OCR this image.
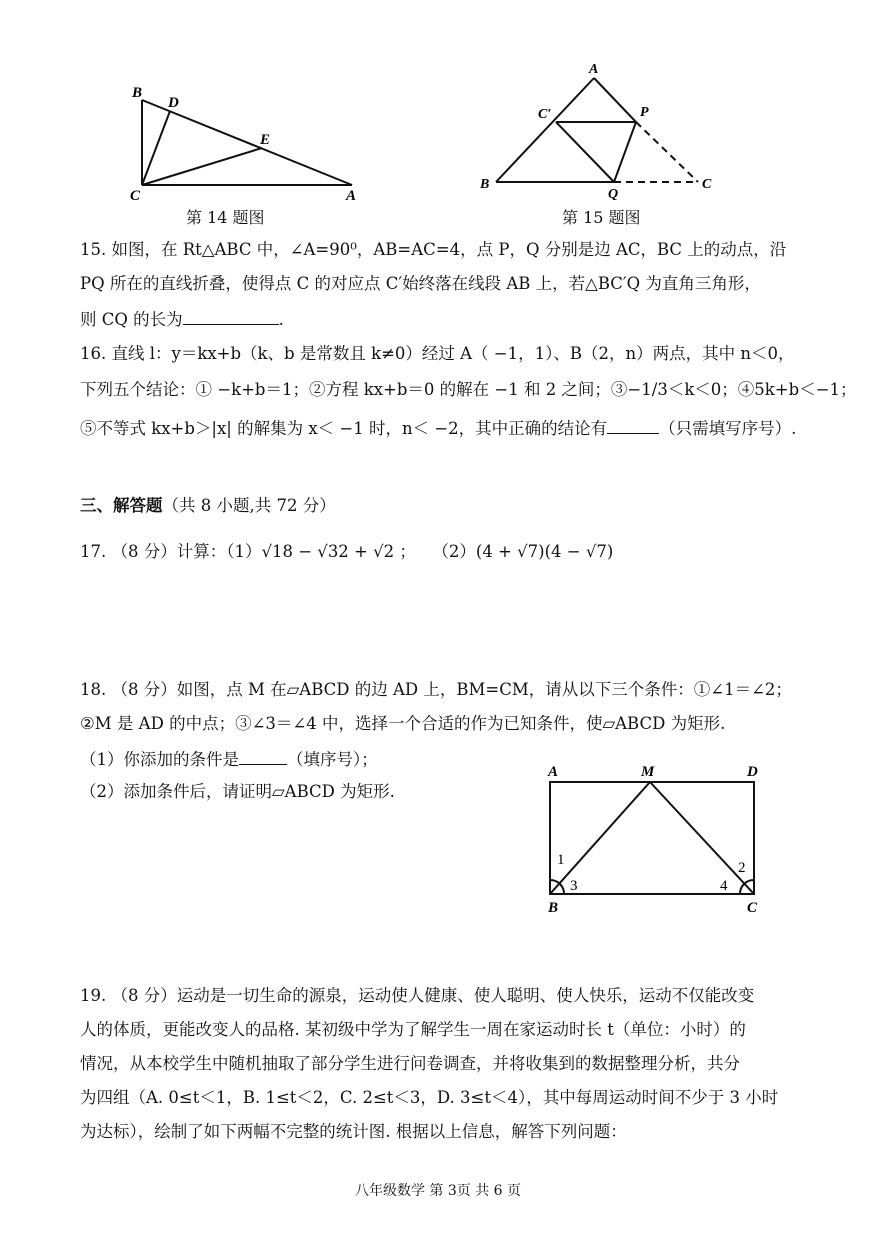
B
D
E
C	A
第 14 题图
A
C′	P
B
Q
C
第 15 题图
15. 如图，在 Rt△ABC 中，∠A=90⁰，AB=AC=4，点 P，Q 分别是边 AC，BC 上的动点，沿
PQ 所在的直线折叠，使得点 C 的对应点 C′始终落在线段 AB 上，若△BC′Q 为直角三角形，
则 CQ 的长为	.
16. 直线 l：y＝kx+b（k、b 是常数且 k≠0）经过 A（ −1，1）、B（2，n）两点，其中 n＜0，
下列五个结论：① −k+b＝1；②方程 kx+b＝0 的解在 −1 和 2 之间；③−1/3＜k＜0；④5k+b＜−1；
⑤不等式 kx+b＞|x| 的解集为 x＜ −1 时，n＜ −2，其中正确的结论有	（只需填写序号）.
三、解答题（共 8 小题,共 72 分）
17. （8 分）计算：（1）√18 − √32 + √2 ；　　（2）(4 + √7)(4 − √7)
18. （8 分）如图，点 M 在▱ABCD 的边 AD 上，BM=CM，请从以下三个条件：①∠1＝∠2；
②M 是 AD 的中点；③∠3＝∠4 中，选择一个合适的作为已知条件，使▱ABCD 为矩形.
（1）你添加的条件是	（填序号）；
（2）添加条件后，请证明▱ABCD 为矩形.
A	M	D
B	C
1	2
3	4
19. （8 分）运动是一切生命的源泉，运动使人健康、使人聪明、使人快乐，运动不仅能改变
人的体质，更能改变人的品格. 某初级中学为了解学生一周在家运动时长 t（单位：小时）的
情况，从本校学生中随机抽取了部分学生进行问卷调查，并将收集到的数据整理分析，共分
为四组（A. 0≤t＜1，B. 1≤t＜2，C. 2≤t＜3，D. 3≤t＜4），其中每周运动时间不少于 3 小时
为达标），绘制了如下两幅不完整的统计图. 根据以上信息，解答下列问题：
八年级数学 第 3页 共 6 页
